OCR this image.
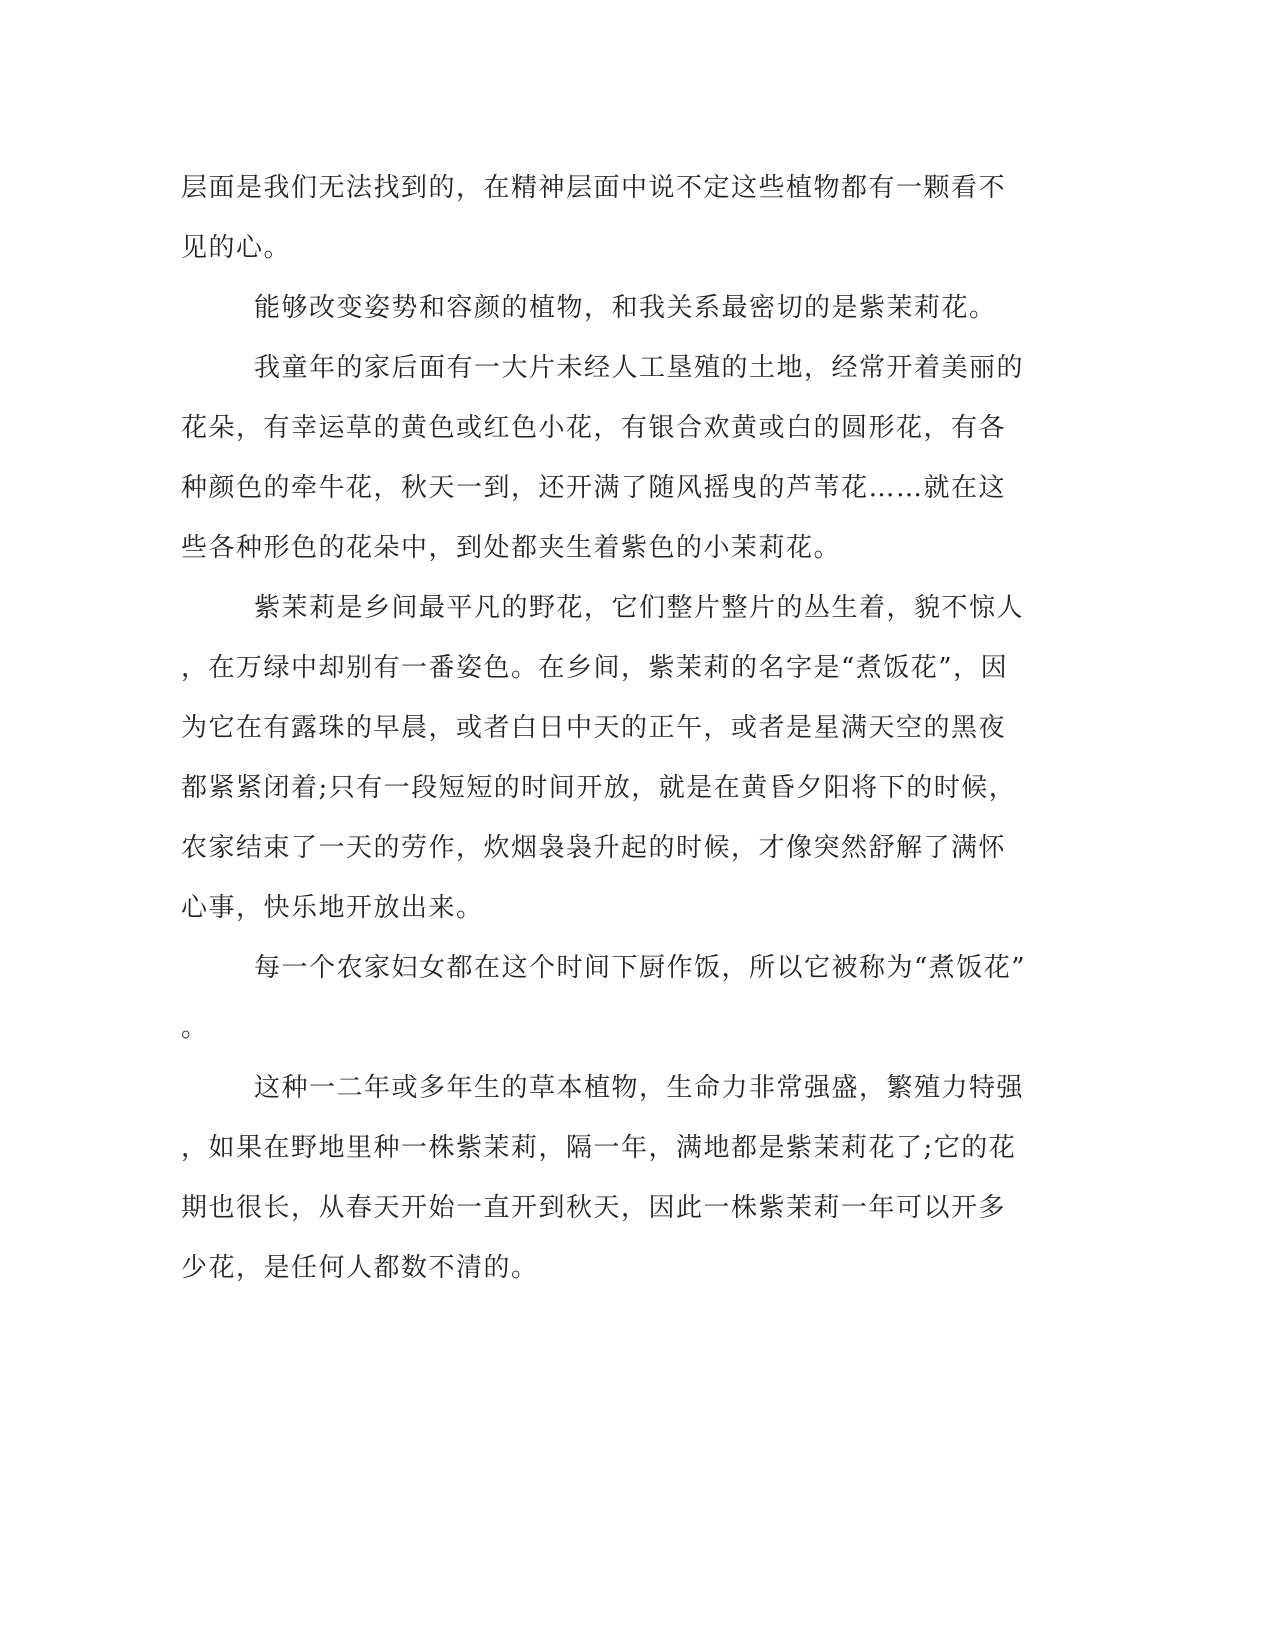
层面是我们无法找到的，在精神层面中说不定这些植物都有一颗看不
见的心。
能够改变姿势和容颜的植物，和我关系最密切的是紫茉莉花。
我童年的家后面有一大片未经人工垦殖的土地，经常开着美丽的
花朵，有幸运草的黄色或红色小花，有银合欢黄或白的圆形花，有各
种颜色的牵牛花，秋天一到，还开满了随风摇曳的芦苇花……就在这
些各种形色的花朵中，到处都夹生着紫色的小茉莉花。
紫茉莉是乡间最平凡的野花，它们整片整片的丛生着，貌不惊人
，在万绿中却别有一番姿色。在乡间，紫茉莉的名字是“煮饭花”，因
为它在有露珠的早晨，或者白日中天的正午，或者是星满天空的黑夜
都紧紧闭着;只有一段短短的时间开放，就是在黄昏夕阳将下的时候，
农家结束了一天的劳作，炊烟袅袅升起的时候，才像突然舒解了满怀
心事，快乐地开放出来。
每一个农家妇女都在这个时间下厨作饭，所以它被称为“煮饭花”
。
这种一二年或多年生的草本植物，生命力非常强盛，繁殖力特强
，如果在野地里种一株紫茉莉，隔一年，满地都是紫茉莉花了;它的花
期也很长，从春天开始一直开到秋天，因此一株紫茉莉一年可以开多
少花，是任何人都数不清的。
